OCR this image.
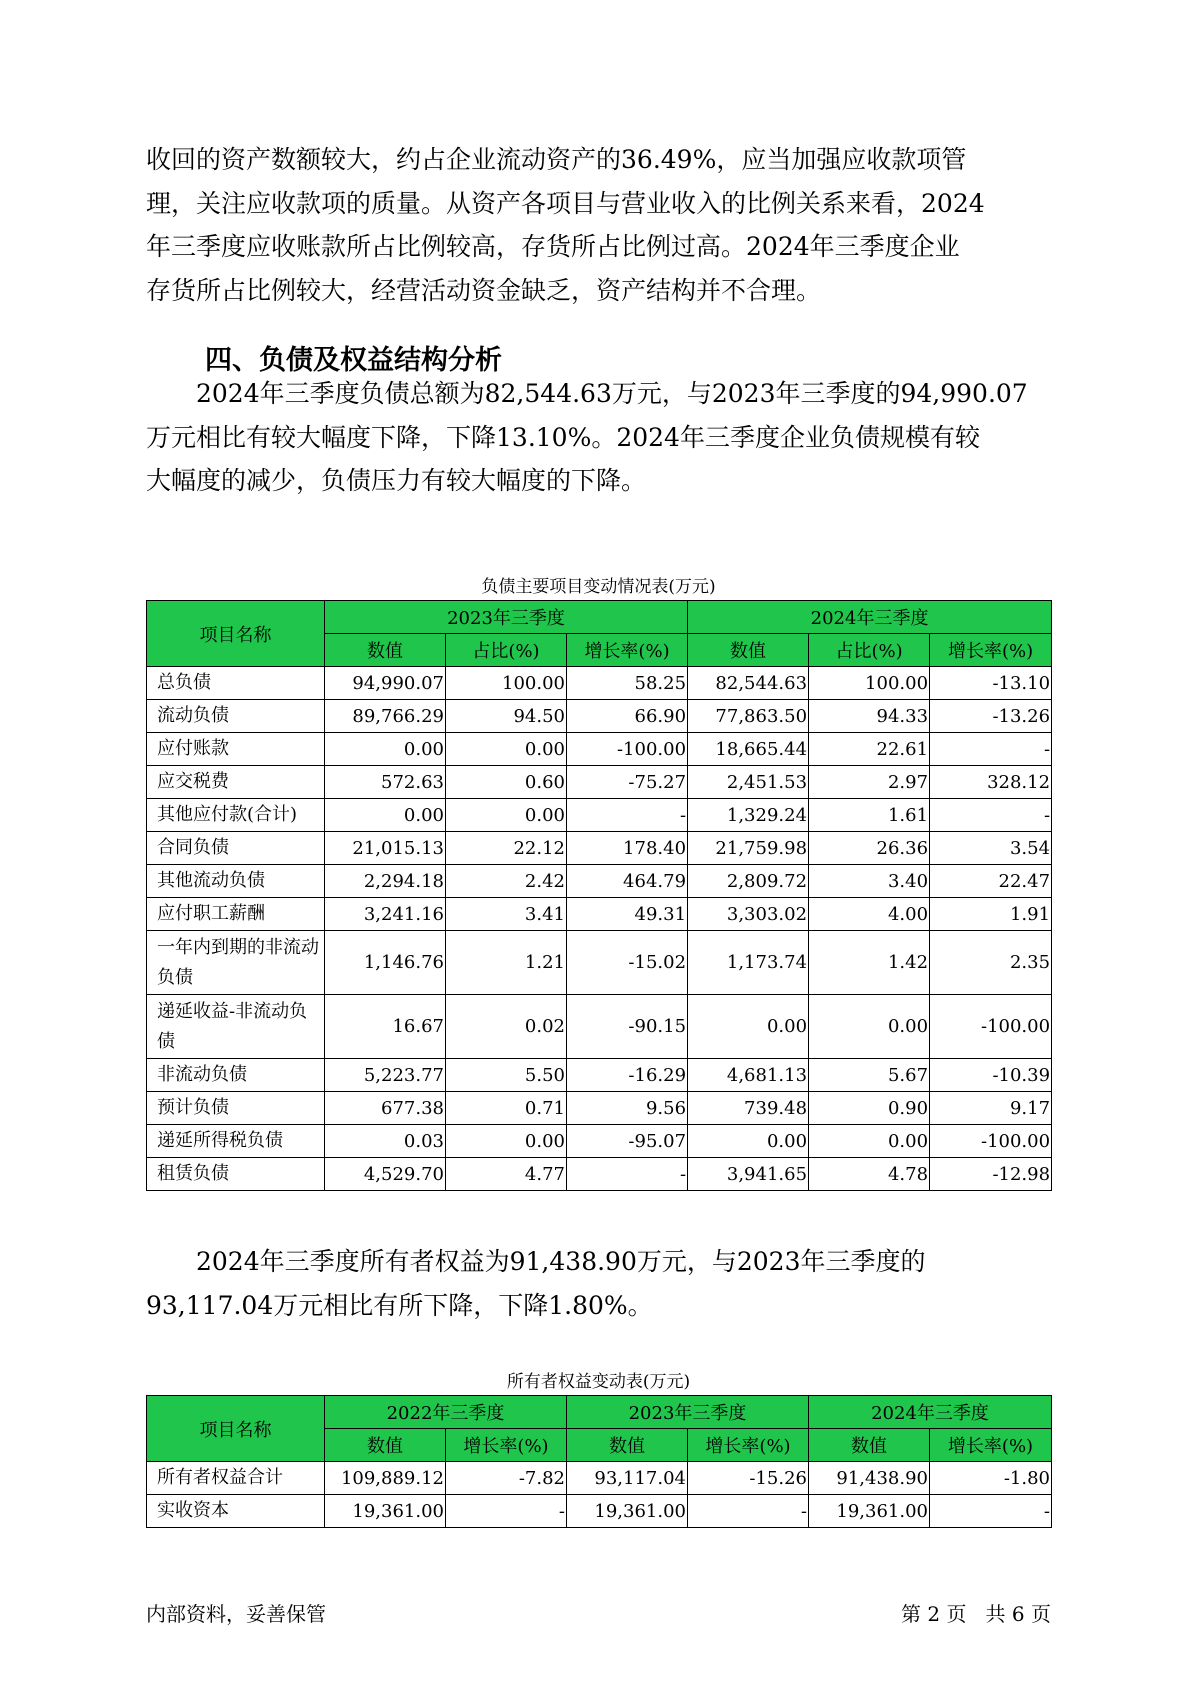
收回的资产数额较大，约占企业流动资产的36.49%，应当加强应收款项管
理，关注应收款项的质量。从资产各项目与营业收入的比例关系来看，2024
年三季度应收账款所占比例较高，存货所占比例过高。2024年三季度企业
存货所占比例较大，经营活动资金缺乏，资产结构并不合理。

四、负债及权益结构分析

2024年三季度负债总额为82,544.63万元，与2023年三季度的94,990.07
万元相比有较大幅度下降，下降13.10%。2024年三季度企业负债规模有较
大幅度的减少，负债压力有较大幅度的下降。

负债主要项目变动情况表(万元)

项目名称	2023年三季度			2024年三季度		
	数值	占比(%)	增长率(%)	数值	占比(%)	增长率(%)
总负债	94,990.07	100.00	58.25	82,544.63	100.00	-13.10
流动负债	89,766.29	94.50	66.90	77,863.50	94.33	-13.26
应付账款	0.00	0.00	-100.00	18,665.44	22.61	-
应交税费	572.63	0.60	-75.27	2,451.53	2.97	328.12
其他应付款(合计)	0.00	0.00	-	1,329.24	1.61	-
合同负债	21,015.13	22.12	178.40	21,759.98	26.36	3.54
其他流动负债	2,294.18	2.42	464.79	2,809.72	3.40	22.47
应付职工薪酬	3,241.16	3.41	49.31	3,303.02	4.00	1.91
一年内到期的非流动负债	1,146.76	1.21	-15.02	1,173.74	1.42	2.35
递延收益-非流动负债	16.67	0.02	-90.15	0.00	0.00	-100.00
非流动负债	5,223.77	5.50	-16.29	4,681.13	5.67	-10.39
预计负债	677.38	0.71	9.56	739.48	0.90	9.17
递延所得税负债	0.03	0.00	-95.07	0.00	0.00	-100.00
租赁负债	4,529.70	4.77	-	3,941.65	4.78	-12.98

2024年三季度所有者权益为91,438.90万元，与2023年三季度的
93,117.04万元相比有所下降，下降1.80%。

所有者权益变动表(万元)

项目名称	2022年三季度		2023年三季度		2024年三季度	
	数值	增长率(%)	数值	增长率(%)	数值	增长率(%)
所有者权益合计	109,889.12	-7.82	93,117.04	-15.26	91,438.90	-1.80
实收资本	19,361.00	-	19,361.00	-	19,361.00	-

内部资料，妥善保管	第 2 页   共 6 页
